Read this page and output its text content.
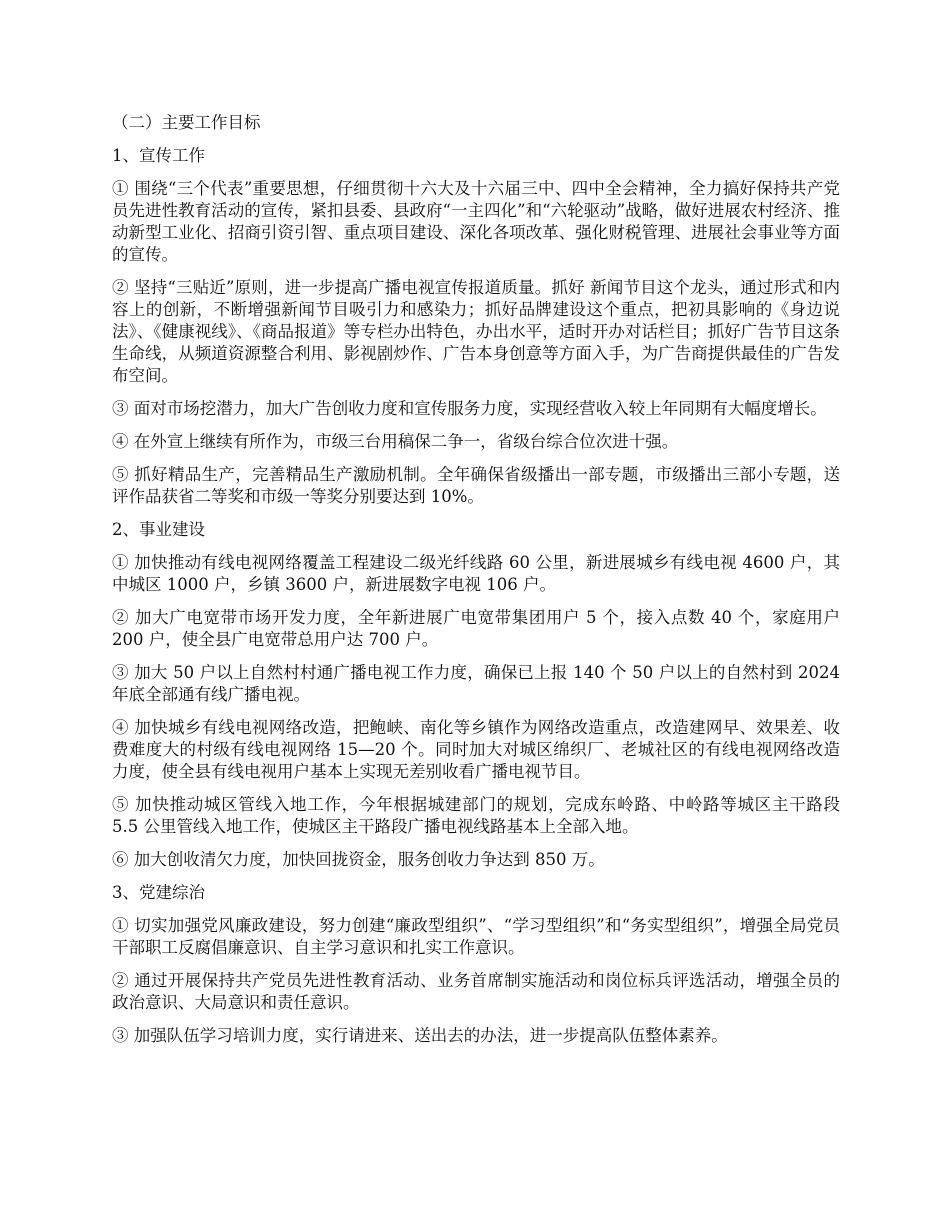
（二）主要工作目标

1、宣传工作

① 围绕“三个代表”重要思想，仔细贯彻十六大及十六届三中、四中全会精神，全力搞好保持共产党员先进性教育活动的宣传，紧扣县委、县政府“一主四化”和“六轮驱动”战略，做好进展农村经济、推动新型工业化、招商引资引智、重点项目建设、深化各项改革、强化财税管理、进展社会事业等方面的宣传。

② 坚持“三贴近”原则，进一步提高广播电视宣传报道质量。抓好 新闻节目这个龙头，通过形式和内容上的创新，不断增强新闻节目吸引力和感染力；抓好品牌建设这个重点，把初具影响的《身边说法》、《健康视线》、《商品报道》等专栏办出特色，办出水平，适时开办对话栏目；抓好广告节目这条生命线，从频道资源整合利用、影视剧炒作、广告本身创意等方面入手，为广告商提供最佳的广告发布空间。

③ 面对市场挖潜力，加大广告创收力度和宣传服务力度，实现经营收入较上年同期有大幅度增长。

④ 在外宣上继续有所作为，市级三台用稿保二争一，省级台综合位次进十强。

⑤ 抓好精品生产，完善精品生产激励机制。全年确保省级播出一部专题，市级播出三部小专题，送评作品获省二等奖和市级一等奖分别要达到 10%。

2、事业建设

① 加快推动有线电视网络覆盖工程建设二级光纤线路 60 公里，新进展城乡有线电视 4600 户，其中城区 1000 户，乡镇 3600 户，新进展数字电视 106 户。

② 加大广电宽带市场开发力度，全年新进展广电宽带集团用户 5 个，接入点数 40 个，家庭用户 200 户，使全县广电宽带总用户达 700 户。

③ 加大 50 户以上自然村村通广播电视工作力度，确保已上报 140 个 50 户以上的自然村到 2024 年底全部通有线广播电视。

④ 加快城乡有线电视网络改造，把鲍峡、南化等乡镇作为网络改造重点，改造建网早、效果差、收费难度大的村级有线电视网络 15—20 个。同时加大对城区绵织厂、老城社区的有线电视网络改造力度，使全县有线电视用户基本上实现无差别收看广播电视节目。

⑤ 加快推动城区管线入地工作，今年根据城建部门的规划，完成东岭路、中岭路等城区主干路段 5.5 公里管线入地工作，使城区主干路段广播电视线路基本上全部入地。

⑥ 加大创收清欠力度，加快回拢资金，服务创收力争达到 850 万。

3、党建综治

① 切实加强党风廉政建设，努力创建“廉政型组织”、“学习型组织”和“务实型组织”，增强全局党员干部职工反腐倡廉意识、自主学习意识和扎实工作意识。

② 通过开展保持共产党员先进性教育活动、业务首席制实施活动和岗位标兵评选活动，增强全员的政治意识、大局意识和责任意识。

③ 加强队伍学习培训力度，实行请进来、送出去的办法，进一步提高队伍整体素养。
